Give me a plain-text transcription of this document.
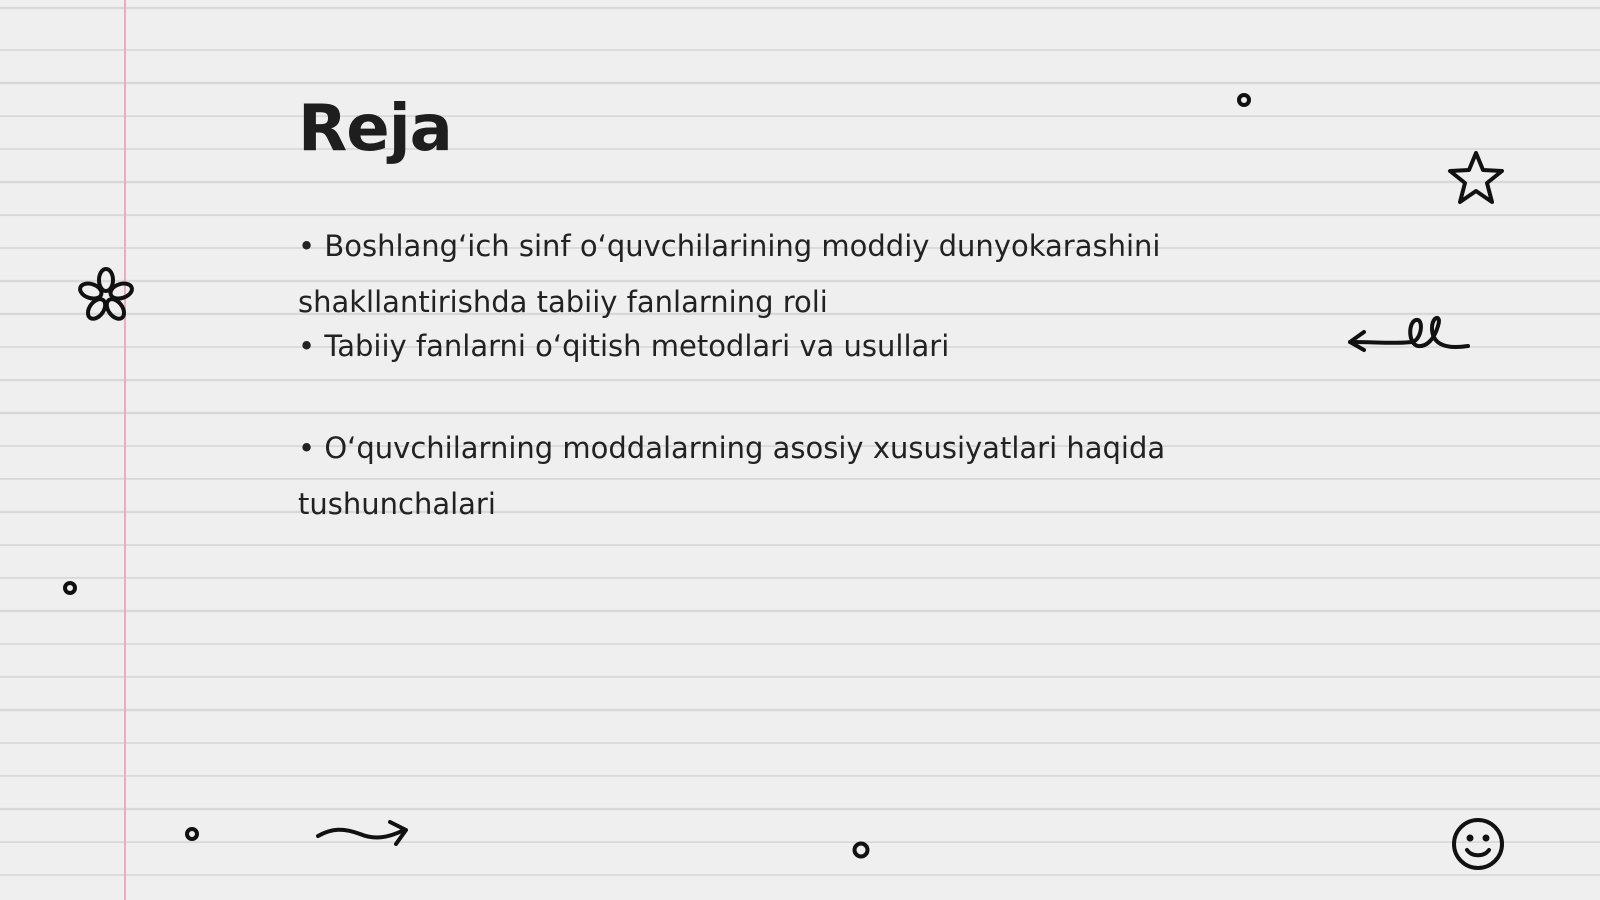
Reja

• Boshlang‘ich sinf o‘quvchilarining moddiy dunyokarashini shakllantirishda tabiiy fanlarning roli

• Tabiiy fanlarni o‘qitish metodlari va usullari

• O‘quvchilarning moddalarning asosiy xususiyatlari haqida tushunchalari
